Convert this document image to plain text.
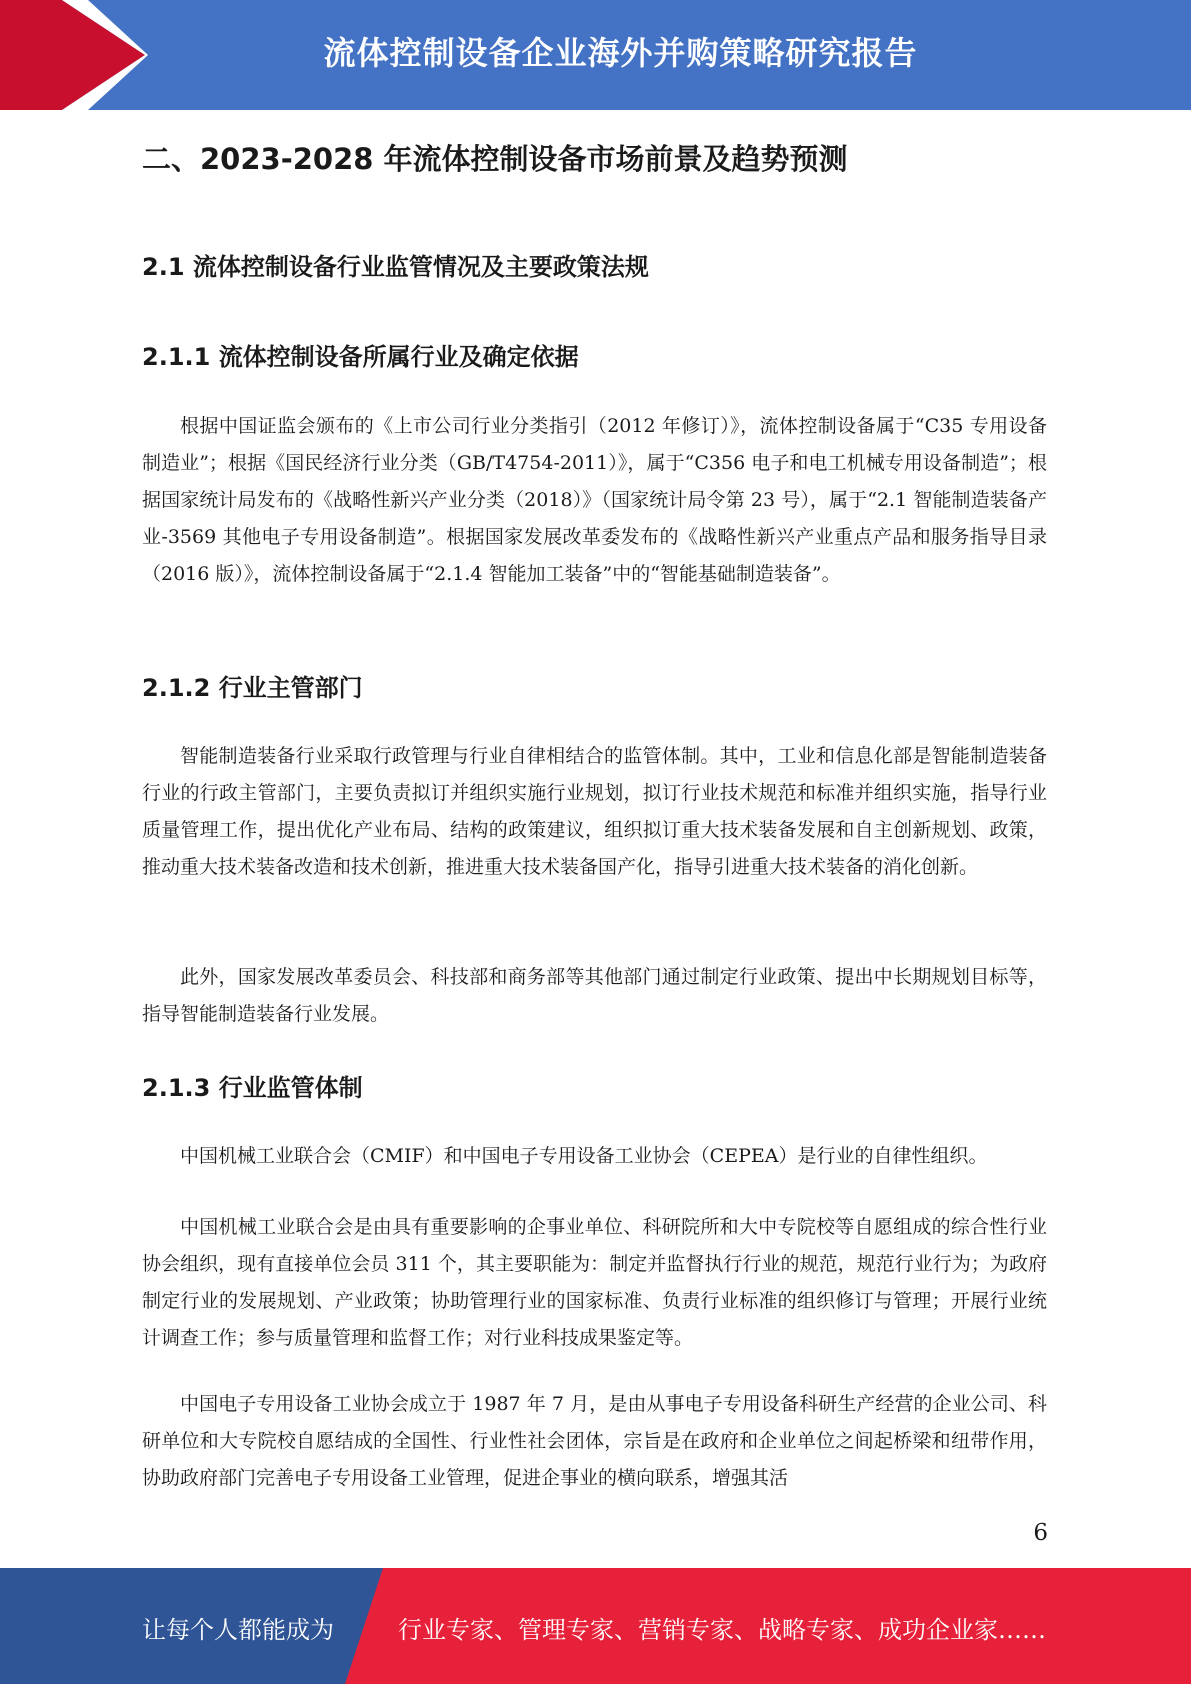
流体控制设备企业海外并购策略研究报告
二、2023-2028 年流体控制设备市场前景及趋势预测
2.1 流体控制设备行业监管情况及主要政策法规
2.1.1 流体控制设备所属行业及确定依据

根据中国证监会颁布的《上市公司行业分类指引（2012 年修订）》，流体控制设备属于“C35 专用设备制造业”；根据《国民经济行业分类（GB/T4754-2011）》，属于“C356 电子和电工机械专用设备制造”；根据国家统计局发布的《战略性新兴产业分类（2018）》（国家统计局令第 23 号），属于“2.1 智能制造装备产业-3569 其他电子专用设备制造”。根据国家发展改革委发布的《战略性新兴产业重点产品和服务指导目录（2016 版）》，流体控制设备属于“2.1.4 智能加工装备”中的“智能基础制造装备”。

2.1.2 行业主管部门

智能制造装备行业采取行政管理与行业自律相结合的监管体制。其中，工业和信息化部是智能制造装备行业的行政主管部门，主要负责拟订并组织实施行业规划，拟订行业技术规范和标准并组织实施，指导行业质量管理工作，提出优化产业布局、结构的政策建议，组织拟订重大技术装备发展和自主创新规划、政策，推动重大技术装备改造和技术创新，推进重大技术装备国产化，指导引进重大技术装备的消化创新。

此外，国家发展改革委员会、科技部和商务部等其他部门通过制定行业政策、提出中长期规划目标等，指导智能制造装备行业发展。

2.1.3 行业监管体制

中国机械工业联合会（CMIF）和中国电子专用设备工业协会（CEPEA）是行业的自律性组织。

中国机械工业联合会是由具有重要影响的企事业单位、科研院所和大中专院校等自愿组成的综合性行业协会组织，现有直接单位会员 311 个，其主要职能为：制定并监督执行行业的规范，规范行业行为；为政府制定行业的发展规划、产业政策；协助管理行业的国家标准、负责行业标准的组织修订与管理；开展行业统计调查工作；参与质量管理和监督工作；对行业科技成果鉴定等。

中国电子专用设备工业协会成立于 1987 年 7 月，是由从事电子专用设备科研生产经营的企业公司、科研单位和大专院校自愿结成的全国性、行业性社会团体，宗旨是在政府和企业单位之间起桥梁和纽带作用，协助政府部门完善电子专用设备工业管理，促进企事业的横向联系，增强其活

6
让每个人都能成为	行业专家、管理专家、营销专家、战略专家、成功企业家……
